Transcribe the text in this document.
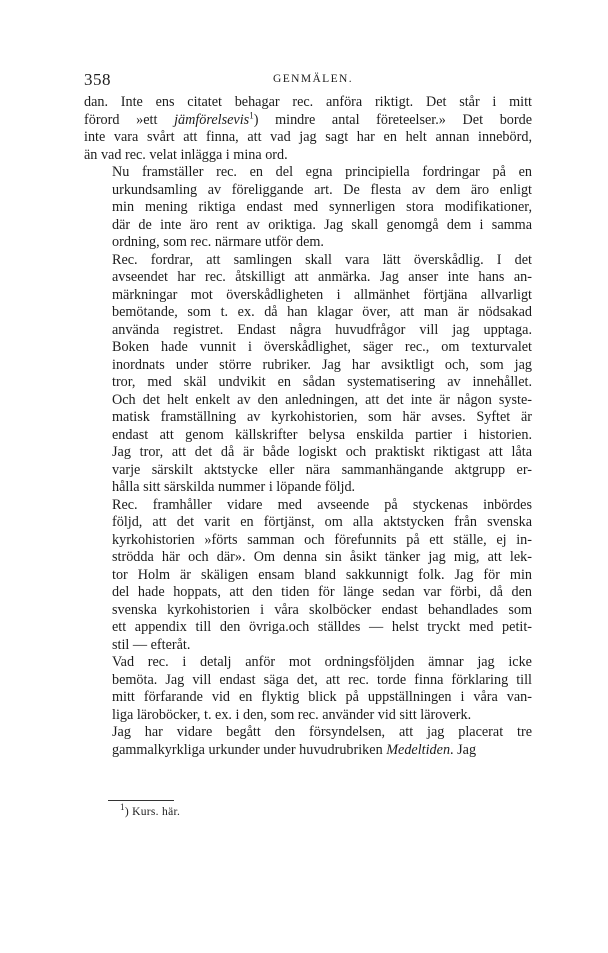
358	GENMÄLEN.

dan. Inte ens citatet behagar rec. anföra riktigt. Det står i mitt
förord »ett jämförelsevis$^1$) mindre antal företeelser.» Det borde
inte vara svårt att finna, att vad jag sagt har en helt annan innebörd,
än vad rec. velat inlägga i mina ord.

Nu framställer rec. en del egna principiella fordringar på en
urkundsamling av föreliggande art. De flesta av dem äro enligt
min mening riktiga endast med synnerligen stora modifikationer,
där de inte äro rent av oriktiga. Jag skall genomgå dem i samma
ordning, som rec. närmare utför dem.

Rec. fordrar, att samlingen skall vara lätt överskådlig. I det
avseendet har rec. åtskilligt att anmärka. Jag anser inte hans an-
märkningar mot överskådligheten i allmänhet förtjäna allvarligt
bemötande, som t. ex. då han klagar över, att man är nödsakad
använda registret. Endast några huvudfrågor vill jag upptaga.
Boken hade vunnit i överskådlighet, säger rec., om texturvalet
inordnats under större rubriker. Jag har avsiktligt och, som jag
tror, med skäl undvikit en sådan systematisering av innehållet.
Och det helt enkelt av den anledningen, att det inte är någon syste-
matisk framställning av kyrkohistorien, som här avses. Syftet är
endast att genom källskrifter belysa enskilda partier i historien.
Jag tror, att det då är både logiskt och praktiskt riktigast att låta
varje särskilt aktstycke eller nära sammanhängande aktgrupp er-
hålla sitt särskilda nummer i löpande följd.

Rec. framhåller vidare med avseende på styckenas inbördes
följd, att det varit en förtjänst, om alla aktstycken från svenska
kyrkohistorien »förts samman och förefunnits på ett ställe, ej in-
strödda här och där». Om denna sin åsikt tänker jag mig, att lek-
tor Holm är skäligen ensam bland sakkunnigt folk. Jag för min
del hade hoppats, att den tiden för länge sedan var förbi, då den
svenska kyrkohistorien i våra skolböcker endast behandlades som
ett appendix till den övriga.och ställdes — helst tryckt med petit-
stil — efteråt.

Vad rec. i detalj anför mot ordningsföljden ämnar jag icke
bemöta. Jag vill endast säga det, att rec. torde finna förklaring till
mitt förfarande vid en flyktig blick på uppställningen i våra van-
liga läroböcker, t. ex. i den, som rec. använder vid sitt läroverk.

Jag har vidare begått den försyndelsen, att jag placerat tre
gammalkyrkliga urkunder under huvudrubriken Medeltiden. Jag

$^1$) Kurs. här.
